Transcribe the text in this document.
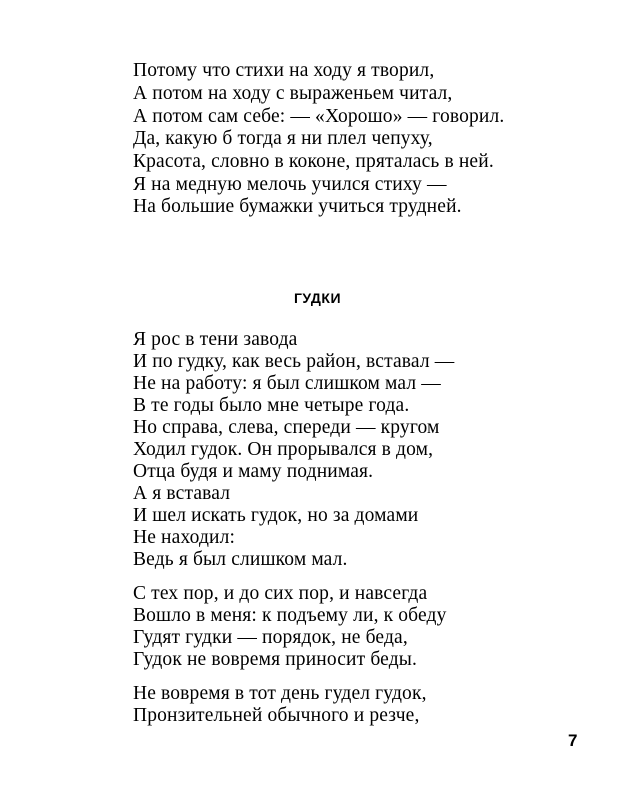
Потому что стихи на ходу я творил,
А потом на ходу с выраженьем читал,
А потом сам себе: — «Хорошо» — говорил.
Да, какую б тогда я ни плел чепуху,
Красота, словно в коконе, пряталась в ней.
Я на медную мелочь учился стиху —
На большие бумажки учиться трудней.
ГУДКИ
Я рос в тени завода
И по гудку, как весь район, вставал —
Не на работу: я был слишком мал —
В те годы было мне четыре года.
Но справа, слева, спереди — кругом
Ходил гудок. Он прорывался в дом,
Отца будя и маму поднимая.
А я вставал
И шел искать гудок, но за домами
Не находил:
Ведь я был слишком мал.
С тех пор, и до сих пор, и навсегда
Вошло в меня: к подъему ли, к обеду
Гудят гудки — порядок, не беда,
Гудок не вовремя приносит беды.
Не вовремя в тот день гудел гудок,
Пронзительней обычного и резче,
7
